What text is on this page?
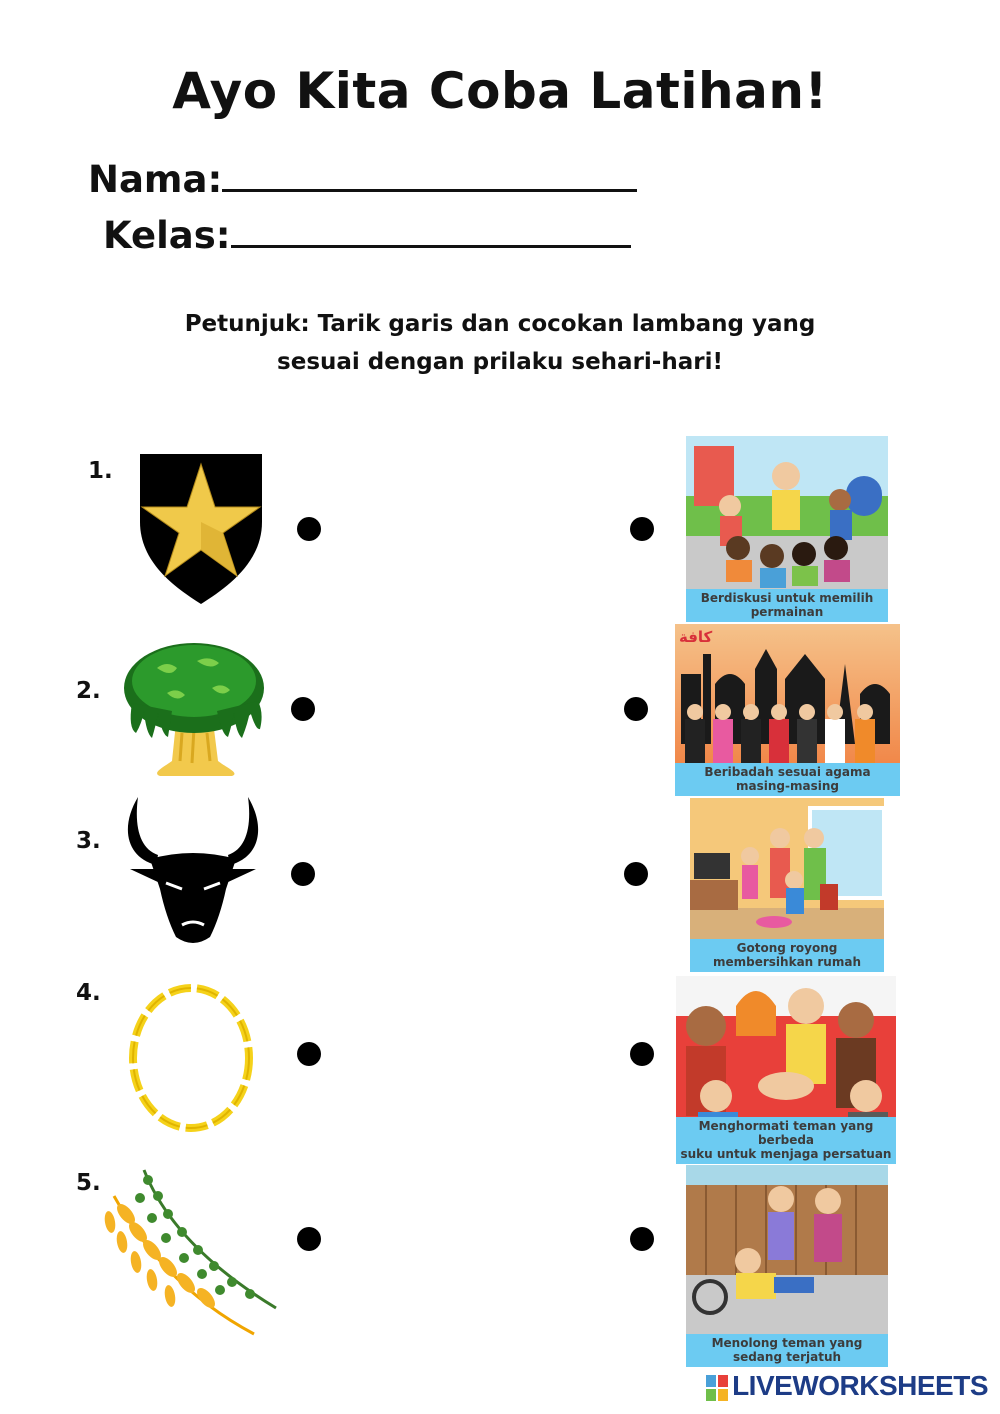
Ayo Kita Coba Latihan!
Nama:
Kelas:
Petunjuk: Tarik garis dan cocokan lambang yang
sesuai dengan prilaku sehari-hari!
1.
2.
3.
4.
5.
Berdiskusi untuk memilih
permainan
كافة
Beribadah sesuai agama
masing-masing
Gotong royong
membersihkan rumah
Menghormati teman yang berbeda
suku untuk menjaga persatuan
Menolong teman yang
sedang terjatuh
LIVEWORKSHEETS
